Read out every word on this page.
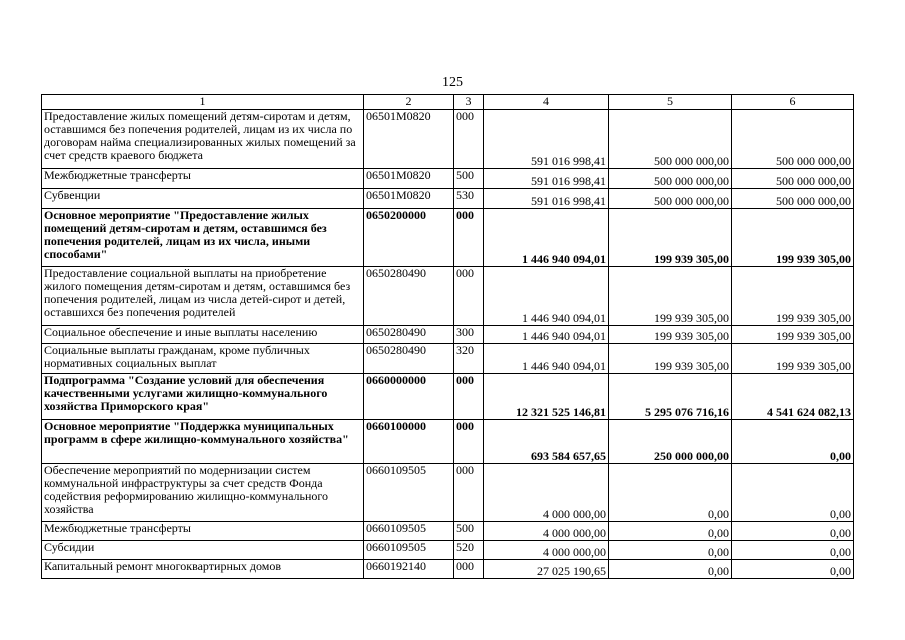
125
1	2	3	4	5	6
Предоставление жилых помещений детям-сиротам и детям, оставшимся без попечения родителей, лицам из их числа по договорам найма специализированных жилых помещений за счет средств краевого бюджета	06501M0820	000	591 016 998,41	500 000 000,00	500 000 000,00
Межбюджетные трансферты	06501M0820	500	591 016 998,41	500 000 000,00	500 000 000,00
Субвенции	06501M0820	530	591 016 998,41	500 000 000,00	500 000 000,00
Основное мероприятие "Предоставление жилых помещений детям-сиротам и детям, оставшимся без попечения родителей, лицам из их числа, иными способами"	0650200000	000	1 446 940 094,01	199 939 305,00	199 939 305,00
Предоставление социальной выплаты на приобретение жилого помещения детям-сиротам и детям, оставшимся без попечения родителей, лицам из числа детей-сирот и детей, оставшихся без попечения родителей	0650280490	000	1 446 940 094,01	199 939 305,00	199 939 305,00
Социальное обеспечение и иные выплаты населению	0650280490	300	1 446 940 094,01	199 939 305,00	199 939 305,00
Социальные выплаты гражданам, кроме публичных нормативных социальных выплат	0650280490	320	1 446 940 094,01	199 939 305,00	199 939 305,00
Подпрограмма "Создание условий для обеспечения качественными услугами жилищно-коммунального хозяйства Приморского края"	0660000000	000	12 321 525 146,81	5 295 076 716,16	4 541 624 082,13
Основное мероприятие "Поддержка муниципальных программ в сфере жилищно-коммунального хозяйства"	0660100000	000	693 584 657,65	250 000 000,00	0,00
Обеспечение мероприятий по модернизации систем коммунальной инфраструктуры за счет средств Фонда содействия реформированию жилищно-коммунального хозяйства	0660109505	000	4 000 000,00	0,00	0,00
Межбюджетные трансферты	0660109505	500	4 000 000,00	0,00	0,00
Субсидии	0660109505	520	4 000 000,00	0,00	0,00
Капитальный ремонт многоквартирных домов	0660192140	000	27 025 190,65	0,00	0,00
